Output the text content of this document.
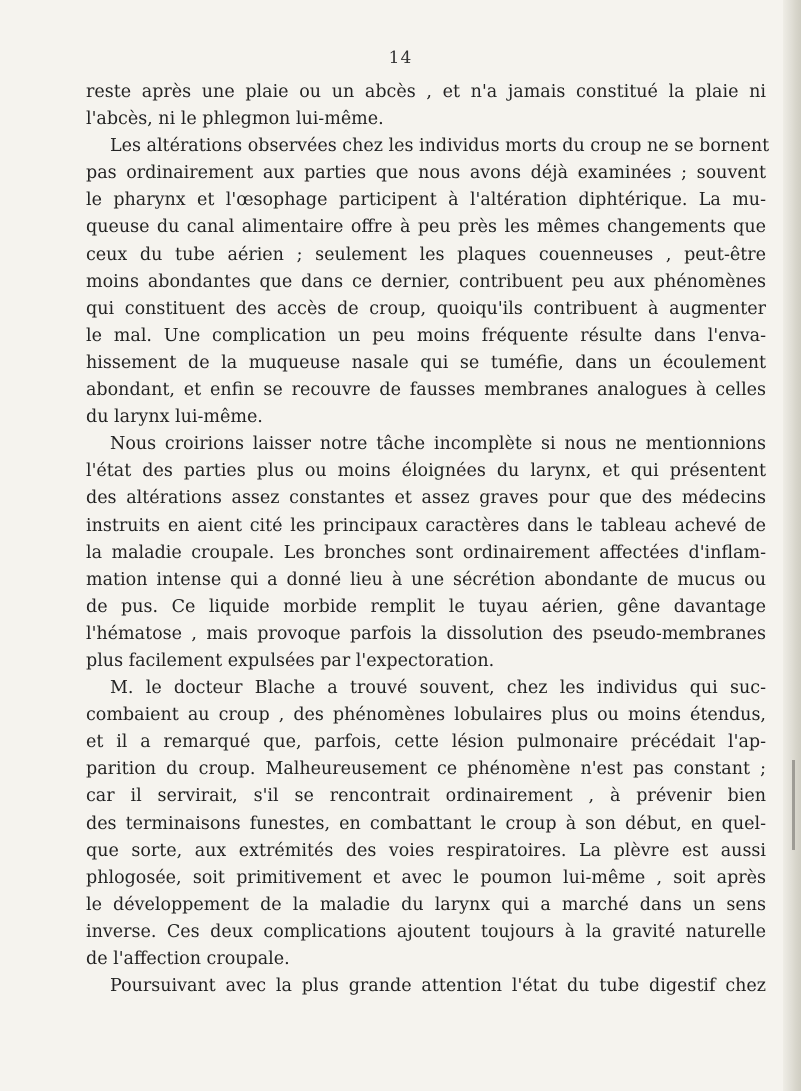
14
reste après une plaie ou un abcès , et n'a jamais constitué la plaie ni
l'abcès, ni le phlegmon lui-même.
Les altérations observées chez les individus morts du croup ne se bornent
pas ordinairement aux parties que nous avons déjà examinées ; souvent
le pharynx et l'œsophage participent à l'altération diphtérique. La mu-
queuse du canal alimentaire offre à peu près les mêmes changements que
ceux du tube aérien ; seulement les plaques couenneuses , peut-être
moins abondantes que dans ce dernier, contribuent peu aux phénomènes
qui constituent des accès de croup, quoiqu'ils contribuent à augmenter
le mal. Une complication un peu moins fréquente résulte dans l'enva-
hissement de la muqueuse nasale qui se tuméfie, dans un écoulement
abondant, et enfin se recouvre de fausses membranes analogues à celles
du larynx lui-même.
Nous croirions laisser notre tâche incomplète si nous ne mentionnions
l'état des parties plus ou moins éloignées du larynx, et qui présentent
des altérations assez constantes et assez graves pour que des médecins
instruits en aient cité les principaux caractères dans le tableau achevé de
la maladie croupale. Les bronches sont ordinairement affectées d'inflam-
mation intense qui a donné lieu à une sécrétion abondante de mucus ou
de pus. Ce liquide morbide remplit le tuyau aérien, gêne davantage
l'hématose , mais provoque parfois la dissolution des pseudo-membranes
plus facilement expulsées par l'expectoration.
M. le docteur Blache a trouvé souvent, chez les individus qui suc-
combaient au croup , des phénomènes lobulaires plus ou moins étendus,
et il a remarqué que, parfois, cette lésion pulmonaire précédait l'ap-
parition du croup. Malheureusement ce phénomène n'est pas constant ;
car il servirait, s'il se rencontrait ordinairement , à prévenir bien
des terminaisons funestes, en combattant le croup à son début, en quel-
que sorte, aux extrémités des voies respiratoires. La plèvre est aussi
phlogosée, soit primitivement et avec le poumon lui-même , soit après
le développement de la maladie du larynx qui a marché dans un sens
inverse. Ces deux complications ajoutent toujours à la gravité naturelle
de l'affection croupale.
Poursuivant avec la plus grande attention l'état du tube digestif chez
